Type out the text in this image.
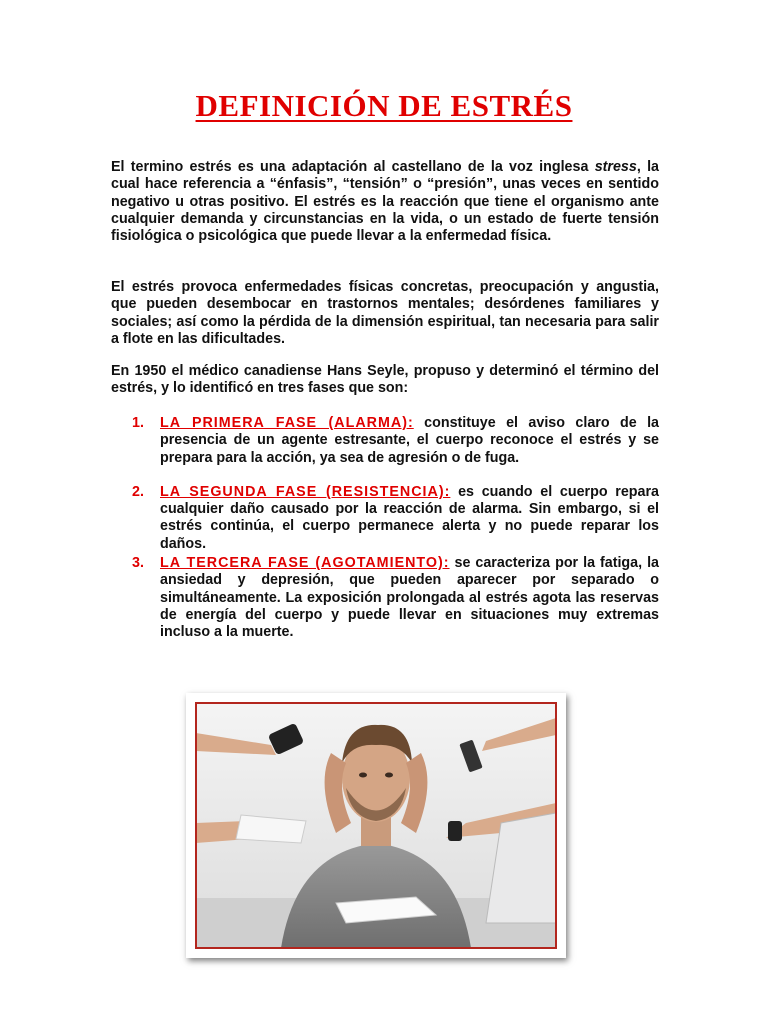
DEFINICIÓN DE ESTRÉS

El termino estrés es una adaptación al castellano de la voz inglesa stress, la cual hace referencia a “énfasis”, “tensión” o “presión”, unas veces en sentido negativo u otras positivo. El estrés es la reacción que tiene el organismo ante cualquier demanda y circunstancias en la vida, o un estado de fuerte tensión fisiológica o psicológica que puede llevar a la enfermedad física.

El estrés provoca enfermedades físicas concretas, preocupación y angustia, que pueden desembocar en trastornos mentales; desórdenes familiares y sociales; así como la pérdida de la dimensión espiritual, tan necesaria para salir a flote en las dificultades.

En 1950 el médico canadiense Hans Seyle, propuso y determinó el término del estrés, y lo identificó en tres fases que son:

1. LA PRIMERA FASE (ALARMA): constituye el aviso claro de la presencia de un agente estresante, el cuerpo reconoce el estrés y se prepara para la acción, ya sea de agresión o de fuga.
2. LA SEGUNDA FASE (RESISTENCIA): es cuando el cuerpo repara cualquier daño causado por la reacción de alarma. Sin embargo, si el estrés continúa, el cuerpo permanece alerta y no puede reparar los daños.
3. LA TERCERA FASE (AGOTAMIENTO): se caracteriza por la fatiga, la ansiedad y depresión, que pueden aparecer por separado o simultáneamente. La exposición prolongada al estrés agota las reservas de energía del cuerpo y puede llevar en situaciones muy extremas incluso a la muerte.
